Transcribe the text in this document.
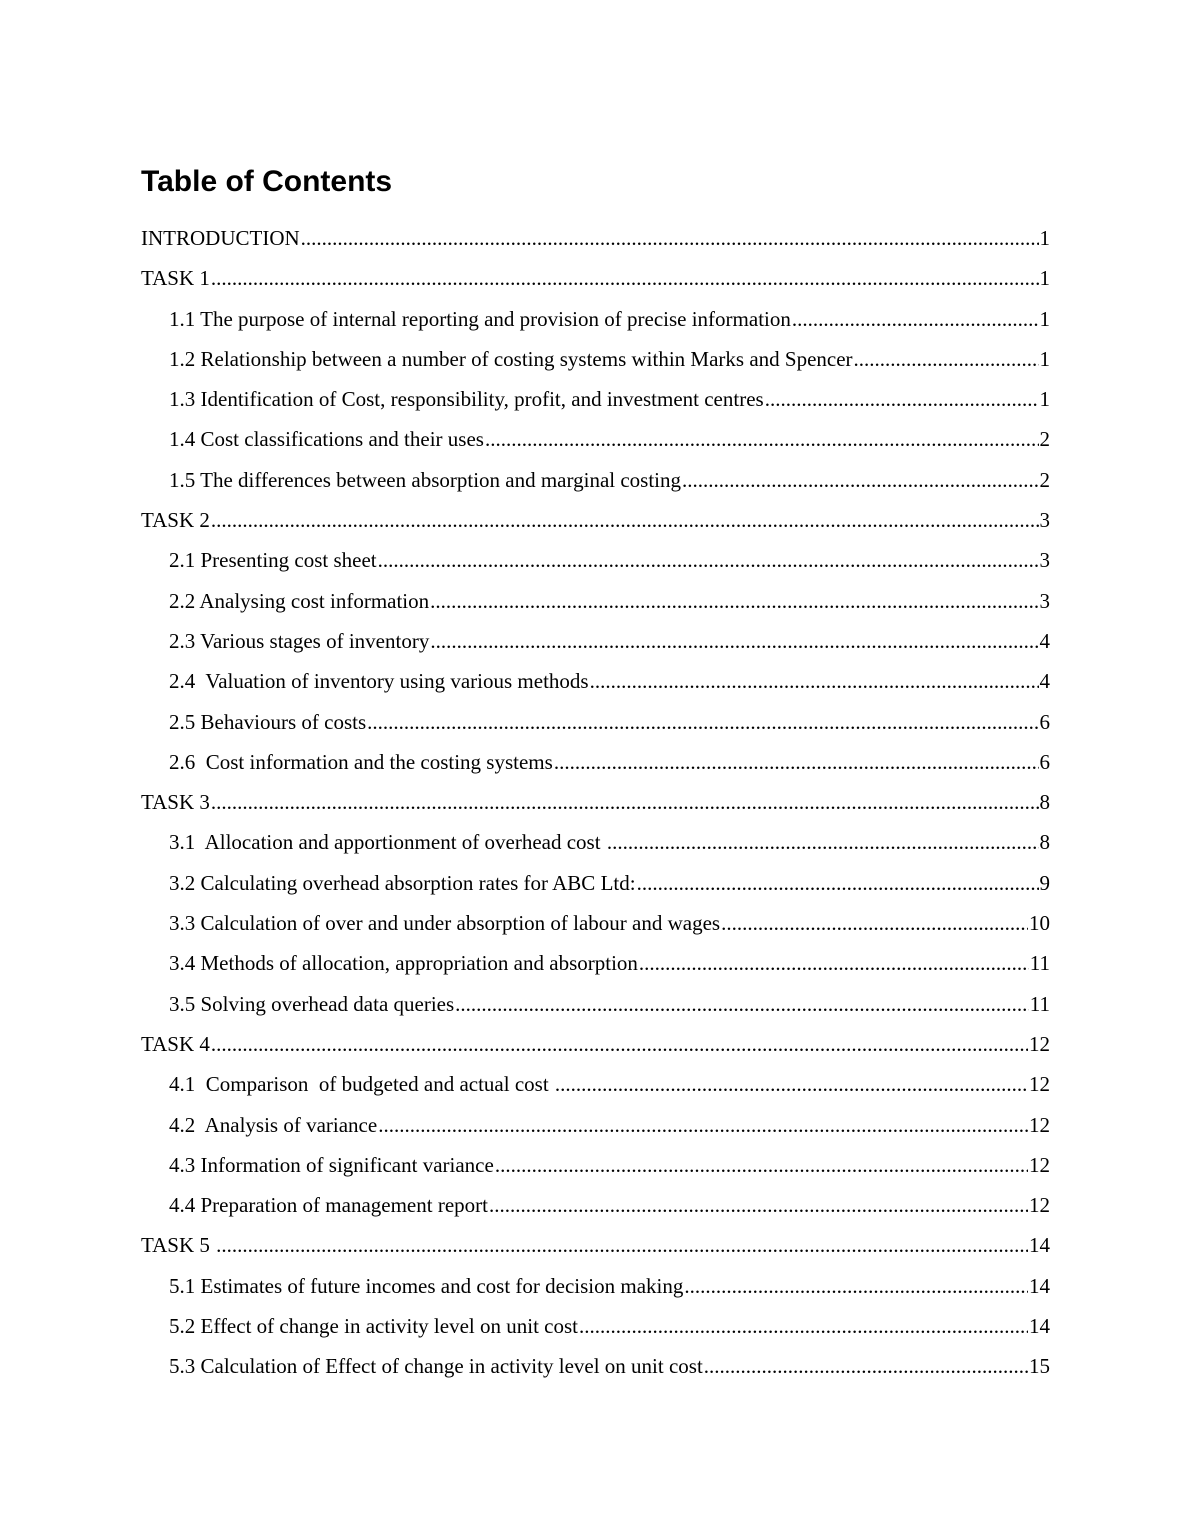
Table of Contents
INTRODUCTION .....	1
TASK 1 .....	1
1.1 The purpose of internal reporting and provision of precise information .....	1
1.2 Relationship between a number of costing systems within Marks and Spencer .....	1
1.3 Identification of Cost, responsibility, profit, and investment centres .....	1
1.4 Cost classifications and their uses .....	2
1.5 The differences between absorption and marginal costing .....	2
TASK 2 .....	3
2.1 Presenting cost sheet .....	3
2.2 Analysing cost information .....	3
2.3 Various stages of inventory .....	4
2.4  Valuation of inventory using various methods .....	4
2.5 Behaviours of costs .....	6
2.6  Cost information and the costing systems .....	6
TASK 3 .....	8
3.1  Allocation and apportionment of overhead cost .....	8
3.2 Calculating overhead absorption rates for ABC Ltd: .....	9
3.3 Calculation of over and under absorption of labour and wages .....	10
3.4 Methods of allocation, appropriation and absorption .....	11
3.5 Solving overhead data queries .....	11
TASK 4 .....	12
4.1  Comparison  of budgeted and actual cost .....	12
4.2  Analysis of variance .....	12
4.3 Information of significant variance .....	12
4.4 Preparation of management report .....	12
TASK 5 .....	14
5.1 Estimates of future incomes and cost for decision making .....	14
5.2 Effect of change in activity level on unit cost .....	14
5.3 Calculation of Effect of change in activity level on unit cost .....	15
